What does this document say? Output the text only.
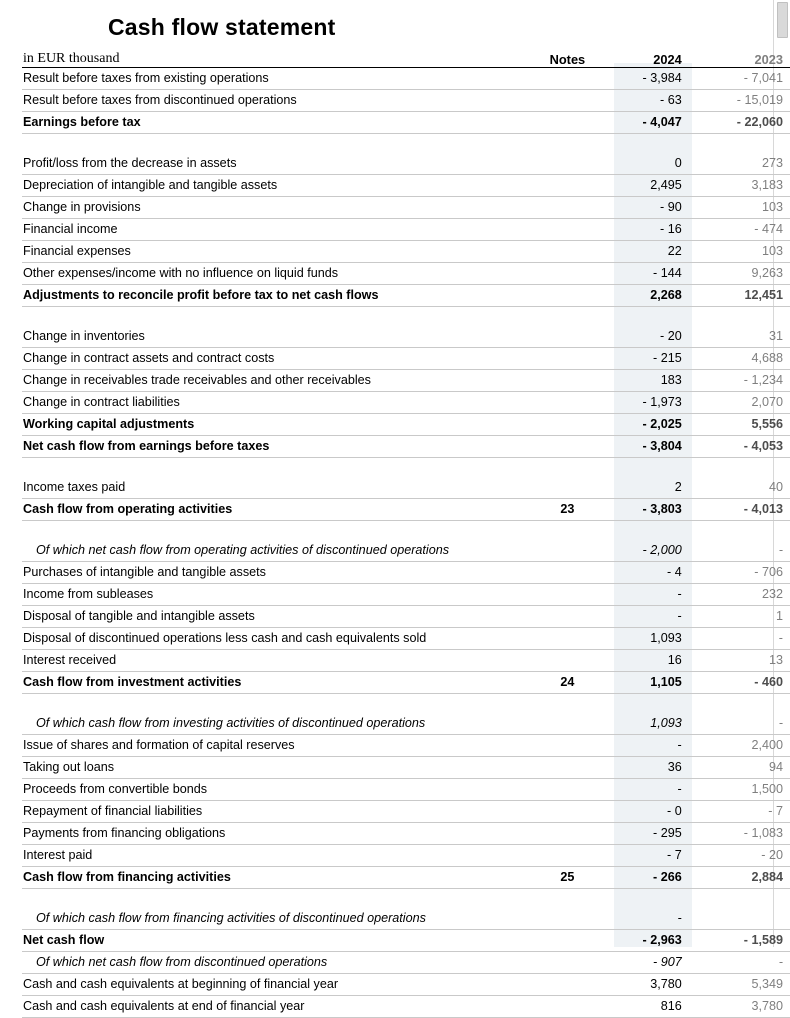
Cash flow statement
in EUR thousand	Notes	2024	2023
Result before taxes from existing operations		- 3,984	- 7,041
Result before taxes from discontinued operations		- 63	- 15,019
Earnings before tax		- 4,047	- 22,060

Profit/loss from the decrease in assets		0	273
Depreciation of intangible and tangible assets		2,495	3,183
Change in provisions		- 90	103
Financial income		- 16	- 474
Financial expenses		22	103
Other expenses/income with no influence on liquid funds		- 144	9,263
Adjustments to reconcile profit before tax to net cash flows		2,268	12,451

Change in inventories		- 20	31
Change in contract assets and contract costs		- 215	4,688
Change in receivables trade receivables and other receivables		183	- 1,234
Change in contract liabilities		- 1,973	2,070
Working capital adjustments		- 2,025	5,556
Net cash flow from earnings before taxes		- 3,804	- 4,053

Income taxes paid		2	40
Cash flow from operating activities	23	- 3,803	- 4,013

Of which net cash flow from operating activities of discontinued operations		- 2,000	-
Purchases of intangible and tangible assets		- 4	- 706
Income from subleases		-	232
Disposal of tangible and intangible assets		-	1
Disposal of discontinued operations less cash and cash equivalents sold		1,093	-
Interest received		16	13
Cash flow from investment activities	24	1,105	- 460

Of which cash flow from investing activities of discontinued operations		1,093	-
Issue of shares and formation of capital reserves		-	2,400
Taking out loans		36	94
Proceeds from convertible bonds		-	1,500
Repayment of financial liabilities		- 0	- 7
Payments from financing obligations		- 295	- 1,083
Interest paid		- 7	- 20
Cash flow from financing activities	25	- 266	2,884

Of which cash flow from financing activities of discontinued operations		-	
Net cash flow		- 2,963	- 1,589
Of which net cash flow from discontinued operations		- 907	-
Cash and cash equivalents at beginning of financial year		3,780	5,349
Cash and cash equivalents at end of financial year		816	3,780
